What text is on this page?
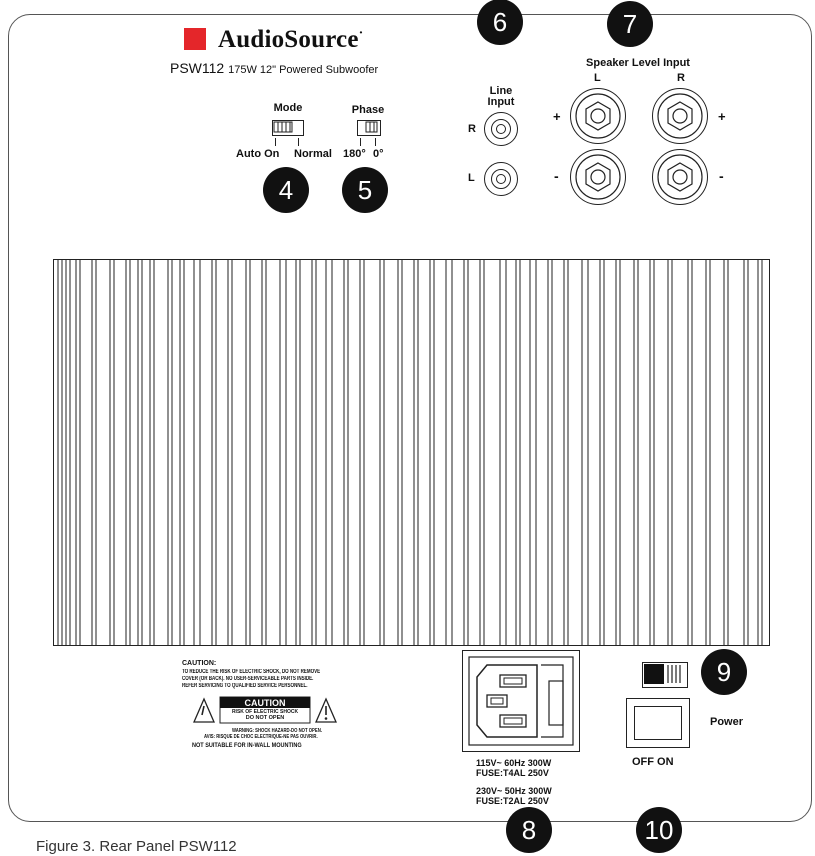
AudioSource·
PSW112 175W 12" Powered Subwoofer
Mode
Auto On Normal
4
Phase
180° 0°
5
6
Line
Input
R
L
7
Speaker Level Input
L	R
+	+
-	-
CAUTION:
TO REDUCE THE RISK OF ELECTRIC SHOCK, DO NOT REMOVE
COVER (OR BACK). NO USER-SERVICEABLE PARTS INSIDE.
REFER SERVICING TO QUALIFIED SERVICE PERSONNEL.
CAUTION
RISK OF ELECTRIC SHOCK
DO NOT OPEN
WARNING: SHOCK HAZARD-DO NOT OPEN.
AVIS: RISQUE DE CHOC ELECTRIQUE-NE PAS OUVRIR.
NOT SUITABLE FOR IN-WALL MOUNTING
115V~ 60Hz 300W
FUSE:T4AL 250V
230V~ 50Hz 300W
FUSE:T2AL 250V
8
9
Power
OFF ON
10
Figure 3. Rear Panel PSW112
